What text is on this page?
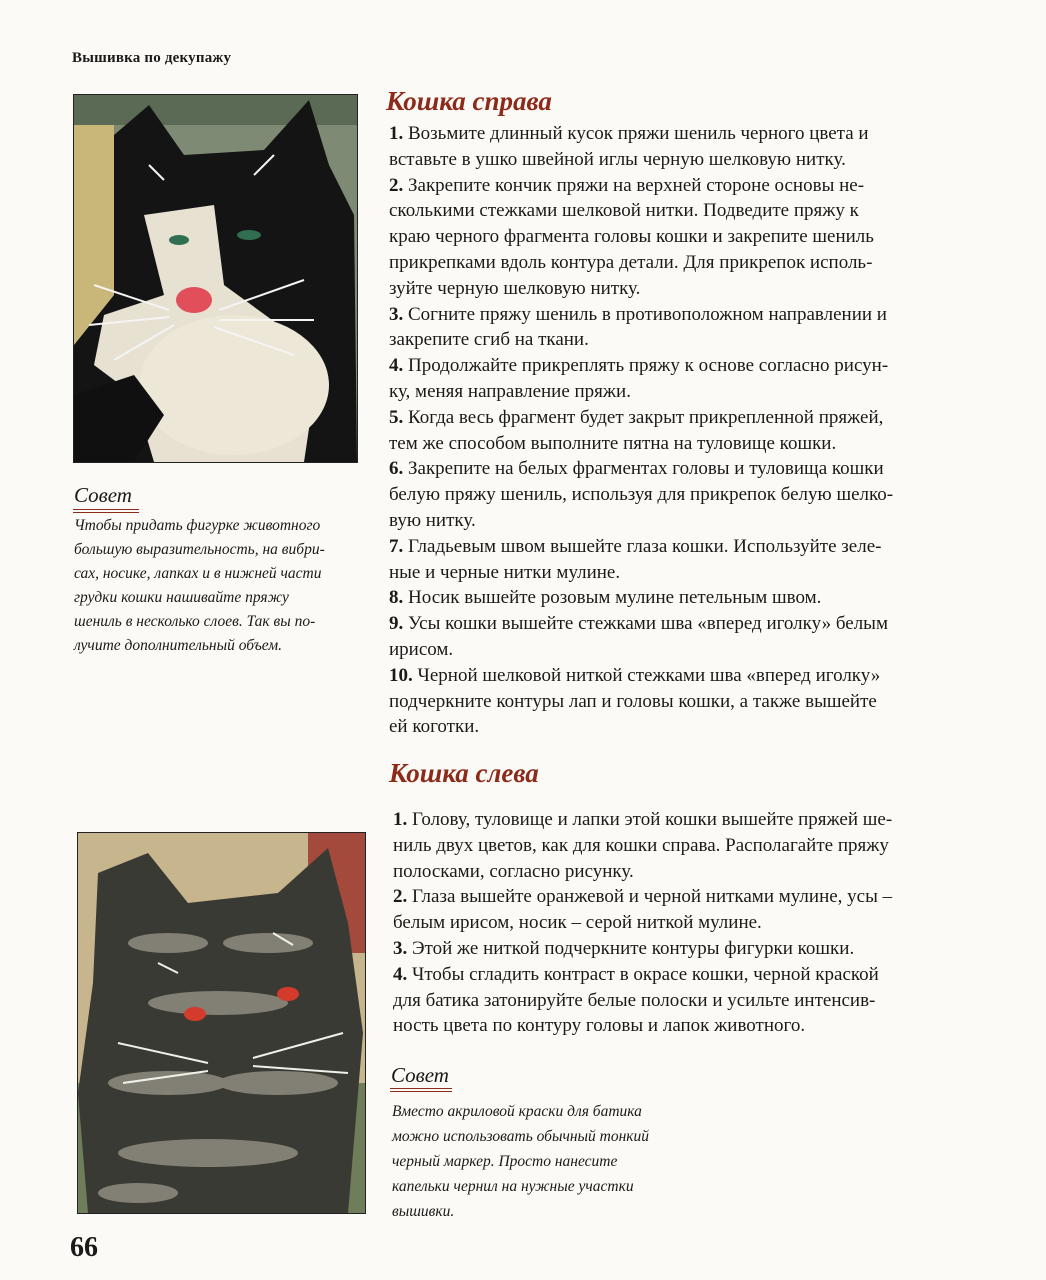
Вышивка по декупажу
Кошка справа
1. Возьмите длинный кусок пряжи шениль черного цвета и
вставьте в ушко швейной иглы черную шелковую нитку.
2. Закрепите кончик пряжи на верхней стороне основы не-
сколькими стежками шелковой нитки. Подведите пряжу к
краю черного фрагмента головы кошки и закрепите шениль
прикрепками вдоль контура детали. Для прикрепок исполь-
зуйте черную шелковую нитку.
3. Согните пряжу шениль в противоположном направлении и
закрепите сгиб на ткани.
4. Продолжайте прикреплять пряжу к основе согласно рисун-
ку, меняя направление пряжи.
5. Когда весь фрагмент будет закрыт прикрепленной пряжей,
тем же способом выполните пятна на туловище кошки.
6. Закрепите на белых фрагментах головы и туловища кошки
белую пряжу шениль, используя для прикрепок белую шелко-
вую нитку.
7. Гладьевым швом вышейте глаза кошки. Используйте зеле-
ные и черные нитки мулине.
8. Носик вышейте розовым мулине петельным швом.
9. Усы кошки вышейте стежками шва «вперед иголку» белым
ирисом.
10. Черной шелковой ниткой стежками шва «вперед иголку»
подчеркните контуры лап и головы кошки, а также вышейте
ей коготки.
Совет

Чтобы придать фигурке животного
большую выразительность, на вибри-
сах, носике, лапках и в нижней части
грудки кошки нашивайте пряжу
шениль в несколько слоев. Так вы по-
лучите дополнительный объем.

Кошка слева
1. Голову, туловище и лапки этой кошки вышейте пряжей ше-
ниль двух цветов, как для кошки справа. Располагайте пряжу
полосками, согласно рисунку.
2. Глаза вышейте оранжевой и черной нитками мулине, усы –
белым ирисом, носик – серой ниткой мулине.
3. Этой же ниткой подчеркните контуры фигурки кошки.
4. Чтобы сгладить контраст в окрасе кошки, черной краской
для батика затонируйте белые полоски и усильте интенсив-
ность цвета по контуру головы и лапок животного.
Совет

Вместо акриловой краски для батика
можно использовать обычный тонкий
черный маркер. Просто нанесите
капельки чернил на нужные участки
вышивки.

66
